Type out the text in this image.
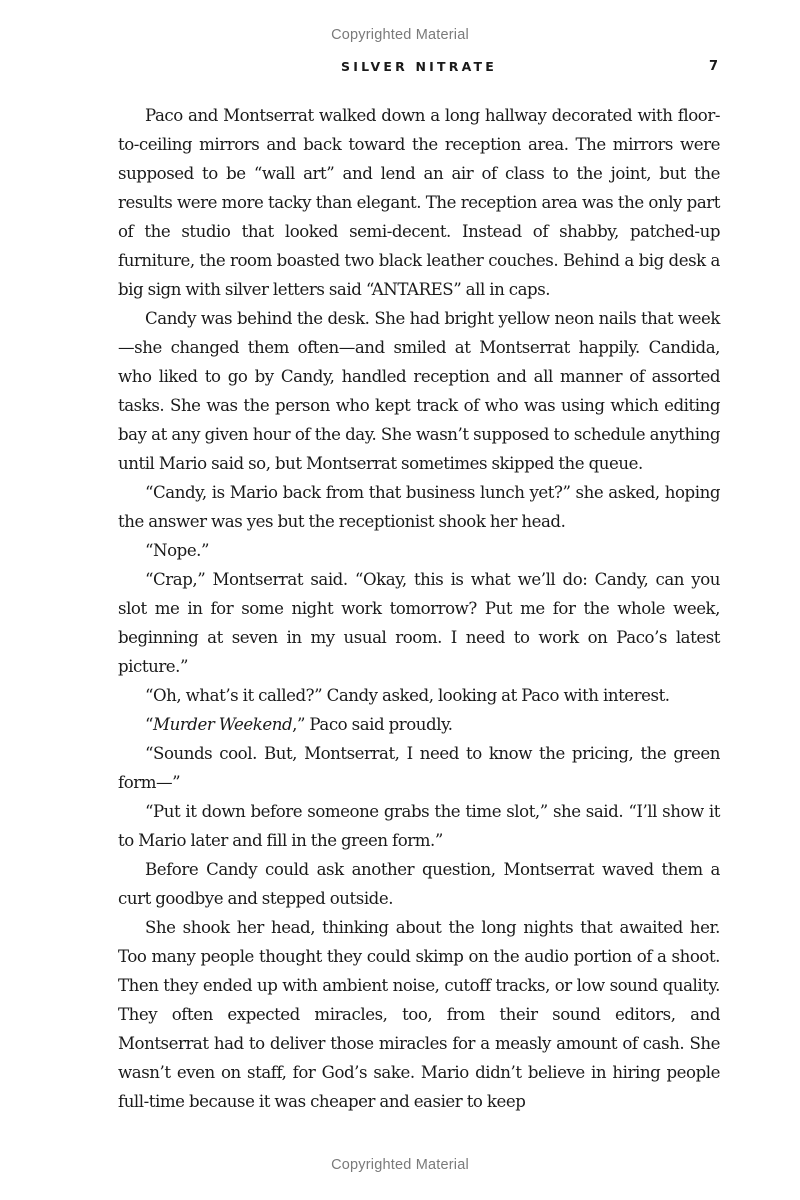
Copyrighted Material
SILVER NITRATE	7

Paco and Montserrat walked down a long hallway decorated with floor-to-ceiling mirrors and back toward the reception area. The mirrors were supposed to be “wall art” and lend an air of class to the joint, but the results were more tacky than elegant. The reception area was the only part of the studio that looked semi-decent. Instead of shabby, patched-up furniture, the room boasted two black leather couches. Behind a big desk a big sign with silver letters said “ANTARES” all in caps.

Candy was behind the desk. She had bright yellow neon nails that week—she changed them often—and smiled at Montserrat happily. Candida, who liked to go by Candy, handled reception and all manner of assorted tasks. She was the person who kept track of who was using which editing bay at any given hour of the day. She wasn’t supposed to schedule anything until Mario said so, but Montserrat sometimes skipped the queue.

“Candy, is Mario back from that business lunch yet?” she asked, hoping the answer was yes but the receptionist shook her head.

“Nope.”

“Crap,” Montserrat said. “Okay, this is what we’ll do: Candy, can you slot me in for some night work tomorrow? Put me for the whole week, beginning at seven in my usual room. I need to work on Paco’s latest picture.”

“Oh, what’s it called?” Candy asked, looking at Paco with interest.

“Murder Weekend,” Paco said proudly.

“Sounds cool. But, Montserrat, I need to know the pricing, the green form—”

“Put it down before someone grabs the time slot,” she said. “I’ll show it to Mario later and fill in the green form.”

Before Candy could ask another question, Montserrat waved them a curt goodbye and stepped outside.

She shook her head, thinking about the long nights that awaited her. Too many people thought they could skimp on the audio portion of a shoot. Then they ended up with ambient noise, cutoff tracks, or low sound quality. They often expected miracles, too, from their sound editors, and Montserrat had to deliver those miracles for a measly amount of cash. She wasn’t even on staff, for God’s sake. Mario didn’t believe in hiring people full-time because it was cheaper and easier to keep

Copyrighted Material
